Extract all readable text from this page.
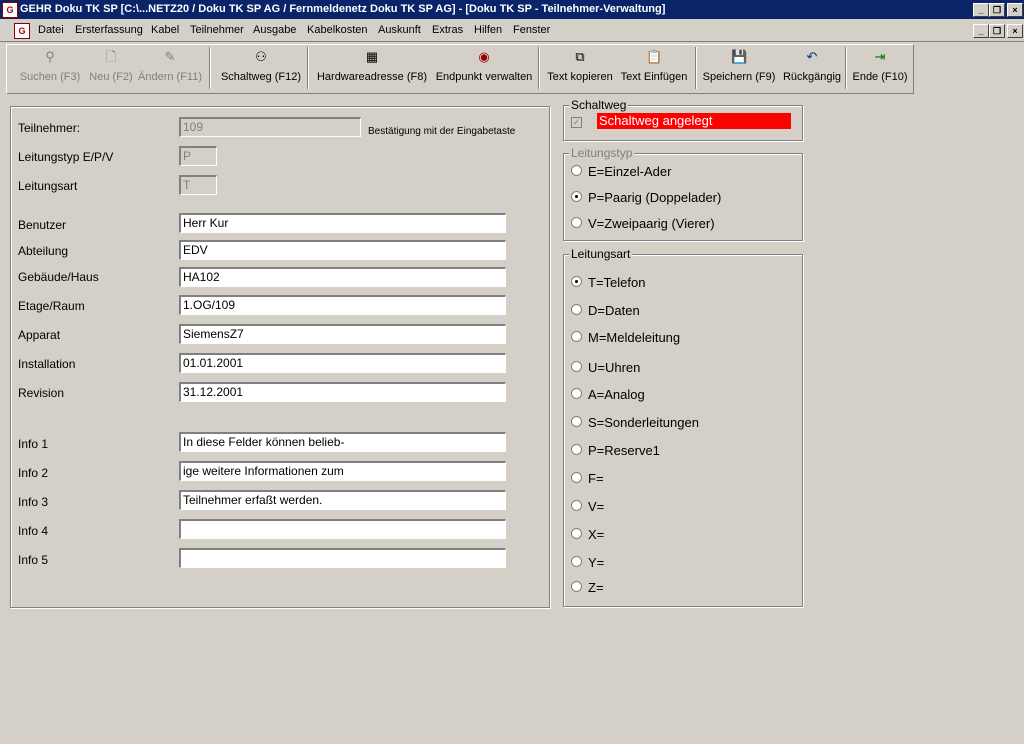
G GEHR Doku TK SP [C:\...NETZ20 / Doku TK SP AG / Fernmeldenetz Doku TK SP AG] - [Doku TK SP - Teilnehmer-Verwaltung]	_	❐	×
G	Datei Ersterfassung Kabel Teilnehmer Ausgabe Kabelkosten Auskunft Extras Hilfen Fenster	_	❐	×
⚲
Suchen (F3)
🗋
Neu (F2)
✎
Ändern (F11)
⚇
Schaltweg (F12)
▦
Hardwareadresse (F8)
◉
Endpunkt verwalten
⧉
Text kopieren
📋
Text Einfügen
💾
Speichern (F9)
↶
Rückgängig
⇥
Ende (F10)
Teilnehmer:	109	Bestätigung mit der Eingabetaste
Leitungstyp E/P/V	P
Leitungsart	T
Benutzer	Herr Kur
Abteilung	EDV
Gebäude/Haus	HA102
Etage/Raum	1.OG/109
Apparat	SiemensZ7
Installation	01.01.2001
Revision	31.12.2001
Info 1	In diese Felder können belieb-
Info 2	ige weitere Informationen zum
Info 3	Teilnehmer erfaßt werden.
Info 4
Info 5
Schaltweg
✓ Schaltweg angelegt
Leitungstyp
E=Einzel-Ader
P=Paarig (Doppelader)
V=Zweipaarig (Vierer)
Leitungsart
T=Telefon
D=Daten
M=Meldeleitung
U=Uhren
A=Analog
S=Sonderleitungen
P=Reserve1
F=
V=
X=
Y=
Z=
